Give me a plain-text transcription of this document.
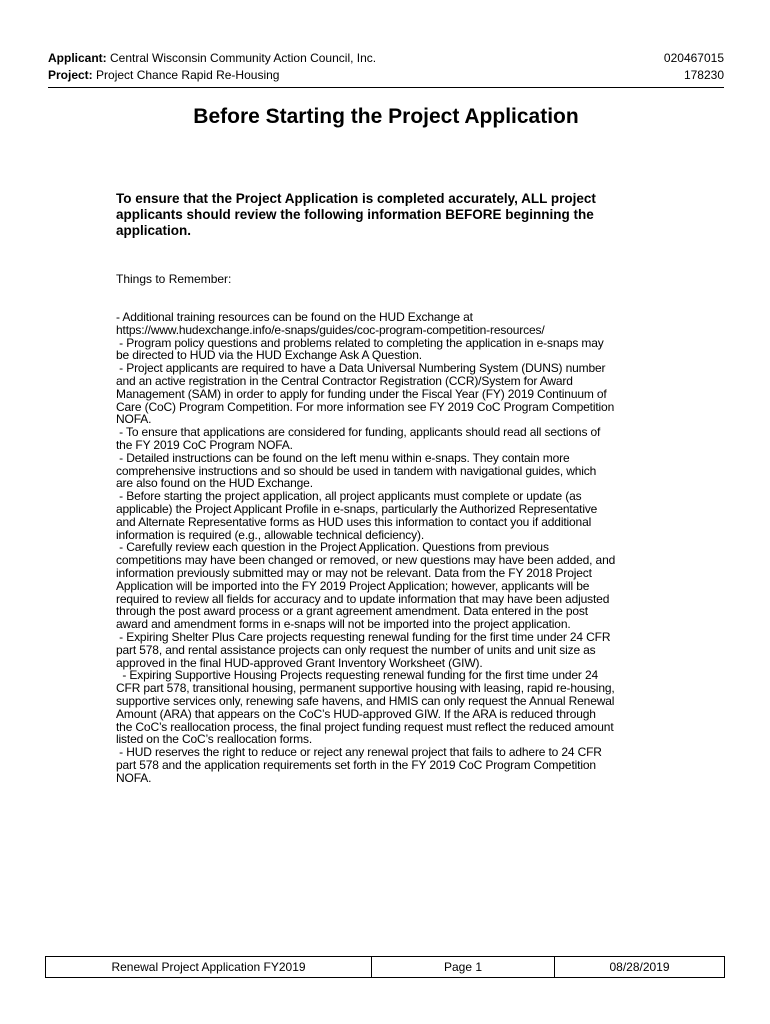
Applicant: Central Wisconsin Community Action Council, Inc.	020467015
Project: Project Chance Rapid Re-Housing	178230
Before Starting the Project Application

To ensure that the Project Application is completed accurately, ALL project applicants should review the following information BEFORE beginning the application.

Things to Remember:

- Additional training resources can be found on the HUD Exchange at
https://www.hudexchange.info/e-snaps/guides/coc-program-competition-resources/
- Program policy questions and problems related to completing the application in e-snaps may
be directed to HUD via the HUD Exchange Ask A Question.
- Project applicants are required to have a Data Universal Numbering System (DUNS) number
and an active registration in the Central Contractor Registration (CCR)/System for Award
Management (SAM) in order to apply for funding under the Fiscal Year (FY) 2019 Continuum of
Care (CoC) Program Competition. For more information see FY 2019 CoC Program Competition
NOFA.
- To ensure that applications are considered for funding, applicants should read all sections of
the FY 2019 CoC Program NOFA.
- Detailed instructions can be found on the left menu within e-snaps. They contain more
comprehensive instructions and so should be used in tandem with navigational guides, which
are also found on the HUD Exchange.
- Before starting the project application, all project applicants must complete or update (as
applicable) the Project Applicant Profile in e-snaps, particularly the Authorized Representative
and Alternate Representative forms as HUD uses this information to contact you if additional
information is required (e.g., allowable technical deficiency).
- Carefully review each question in the Project Application. Questions from previous
competitions may have been changed or removed, or new questions may have been added, and
information previously submitted may or may not be relevant. Data from the FY 2018 Project
Application will be imported into the FY 2019 Project Application; however, applicants will be
required to review all fields for accuracy and to update information that may have been adjusted
through the post award process or a grant agreement amendment. Data entered in the post
award and amendment forms in e-snaps will not be imported into the project application.
- Expiring Shelter Plus Care projects requesting renewal funding for the first time under 24 CFR
part 578, and rental assistance projects can only request the number of units and unit size as
approved in the final HUD-approved Grant Inventory Worksheet (GIW).
- Expiring Supportive Housing Projects requesting renewal funding for the first time under 24
CFR part 578, transitional housing, permanent supportive housing with leasing, rapid re-housing,
supportive services only, renewing safe havens, and HMIS can only request the Annual Renewal
Amount (ARA) that appears on the CoC’s HUD-approved GIW. If the ARA is reduced through
the CoC’s reallocation process, the final project funding request must reflect the reduced amount
listed on the CoC’s reallocation forms.
- HUD reserves the right to reduce or reject any renewal project that fails to adhere to 24 CFR
part 578 and the application requirements set forth in the FY 2019 CoC Program Competition
NOFA.
Renewal Project Application FY2019	Page 1	08/28/2019
